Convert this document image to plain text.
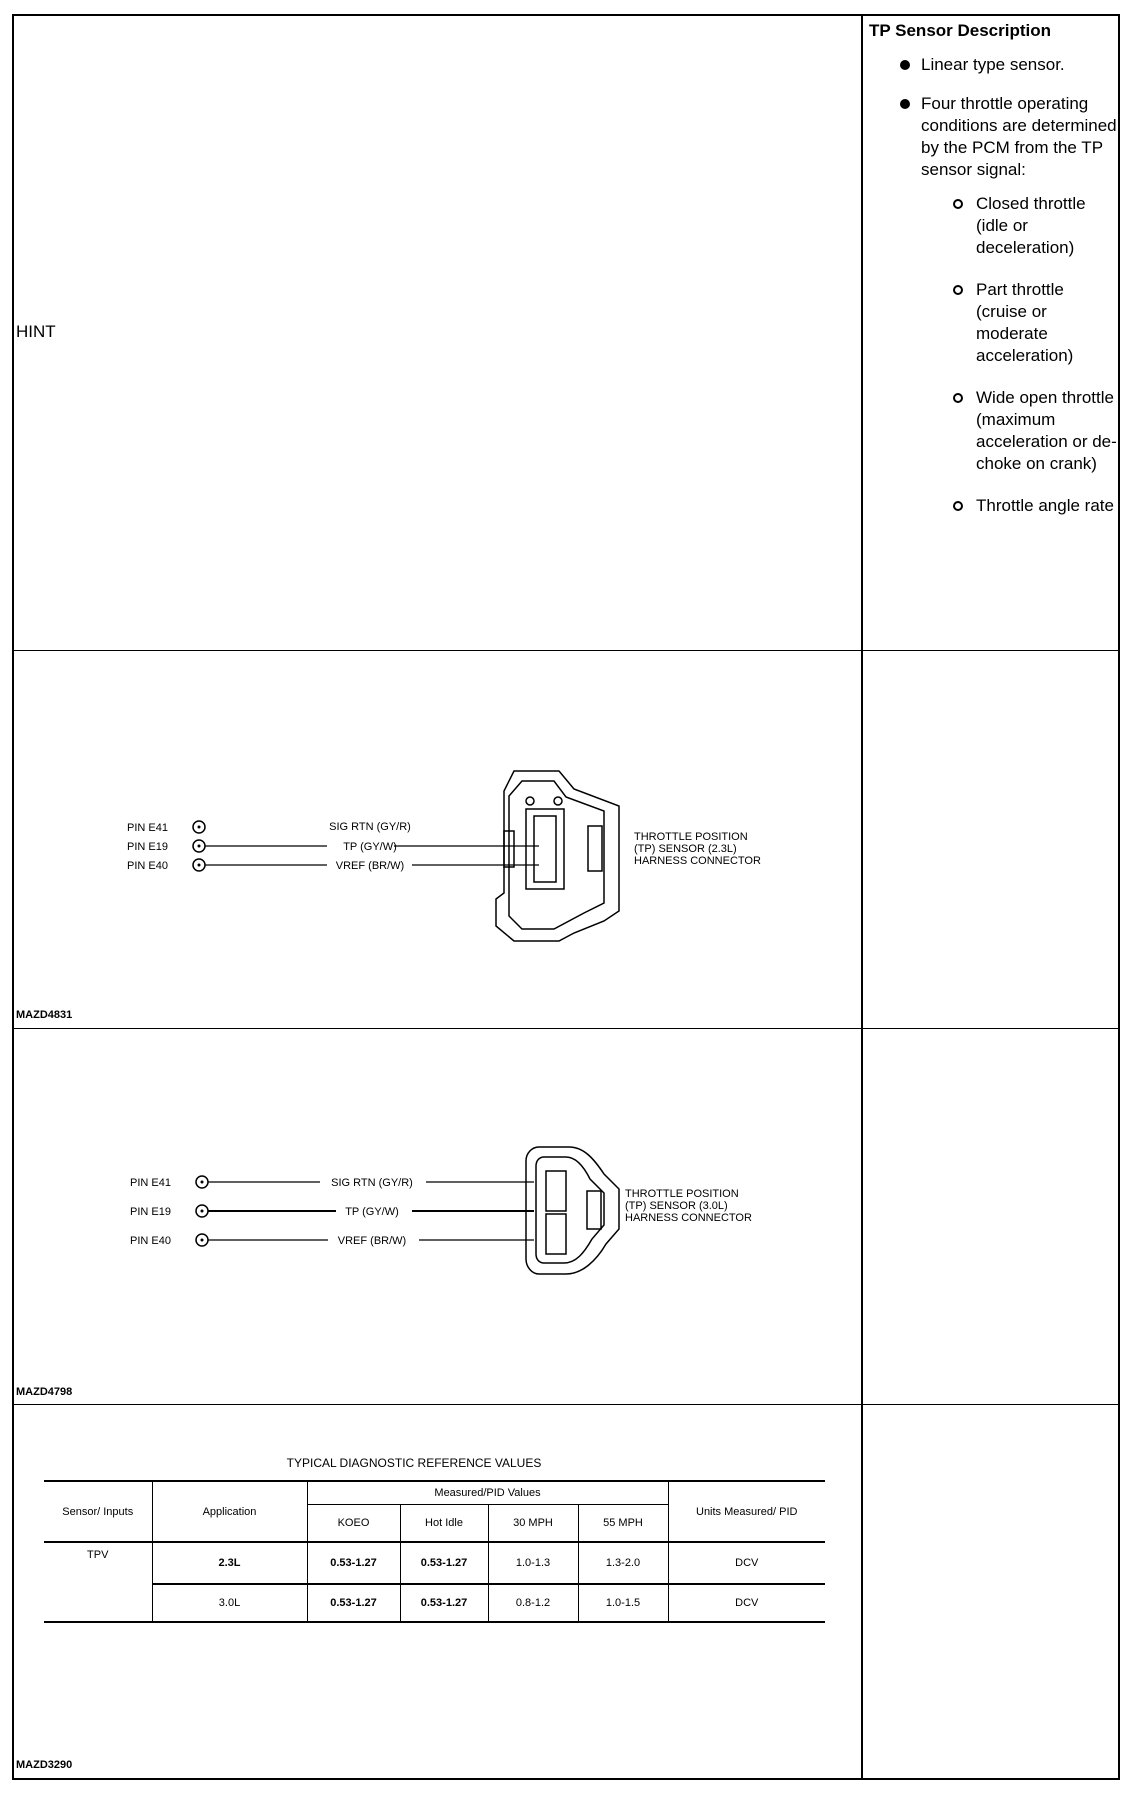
HINT
TP Sensor Description
Linear type sensor.
Four throttle operating conditions are determined by the PCM from the TP sensor signal:
Closed throttle (idle or deceleration)
Part throttle (cruise or moderate acceleration)
Wide open throttle (maximum acceleration or de-choke on crank)
Throttle angle rate
PIN E41
PIN E19
PIN E40
SIG RTN (GY/R)
TP (GY/W)
VREF (BR/W)
THROTTLE POSITION
(TP) SENSOR (2.3L)
HARNESS CONNECTOR
MAZD4831
PIN E41
PIN E19
PIN E40
SIG RTN (GY/R)
TP (GY/W)
VREF (BR/W)
THROTTLE POSITION
(TP) SENSOR (3.0L)
HARNESS CONNECTOR
MAZD4798
TYPICAL DIAGNOSTIC REFERENCE VALUES
Sensor/ Inputs	Application	Measured/PID Values				Units Measured/ PID
		KOEO	Hot Idle	30 MPH	55 MPH	
TPV	2.3L	0.53-1.27	0.53-1.27	1.0-1.3	1.3-2.0	DCV
	3.0L	0.53-1.27	0.53-1.27	0.8-1.2	1.0-1.5	DCV
MAZD3290
